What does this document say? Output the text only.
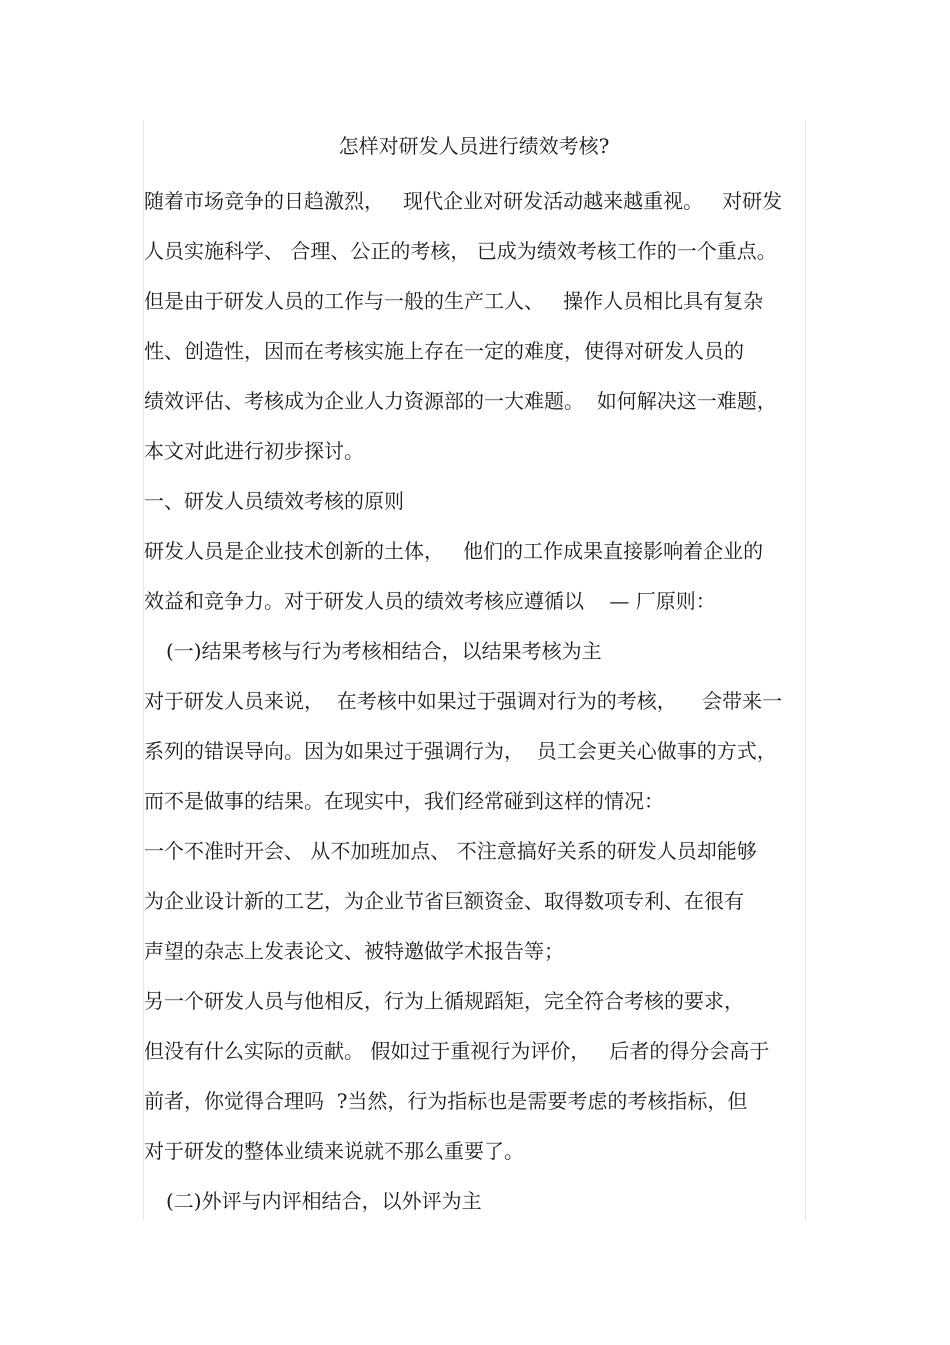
怎样对研发人员进行绩效考核?
随着市场竞争的日趋激烈，   现代企业对研发活动越来越重视。   对研发
人员实施科学、 合理、公正的考核， 已成为绩效考核工作的一个重点。
但是由于研发人员的工作与一般的生产工人、   操作人员相比具有复杂
性、创造性，因而在考核实施上存在一定的难度，使得对研发人员的
绩效评估、考核成为企业人力资源部的一大难题。  如何解决这一难题，
本文对此进行初步探讨。
一、研发人员绩效考核的原则
研发人员是企业技术创新的土体，   他们的工作成果直接影响着企业的
效益和竞争力。对于研发人员的绩效考核应遵循以    — 厂原则：
(一)结果考核与行为考核相结合，以结果考核为主
对于研发人员来说，  在考核中如果过于强调对行为的考核，    会带来一
系列的错误导向。因为如果过于强调行为，  员工会更关心做事的方式，
而不是做事的结果。在现实中，我们经常碰到这样的情况：
一个不准时开会、 从不加班加点、 不注意搞好关系的研发人员却能够
为企业设计新的工艺，为企业节省巨额资金、取得数项专利、在很有
声望的杂志上发表论文、被特邀做学术报告等；
另一个研发人员与他相反，行为上循规蹈矩，完全符合考核的要求，
但没有什么实际的贡献。 假如过于重视行为评价，   后者的得分会高于
前者，你觉得合理吗  ?当然，行为指标也是需要考虑的考核指标，但
对于研发的整体业绩来说就不那么重要了。
(二)外评与内评相结合，以外评为主
